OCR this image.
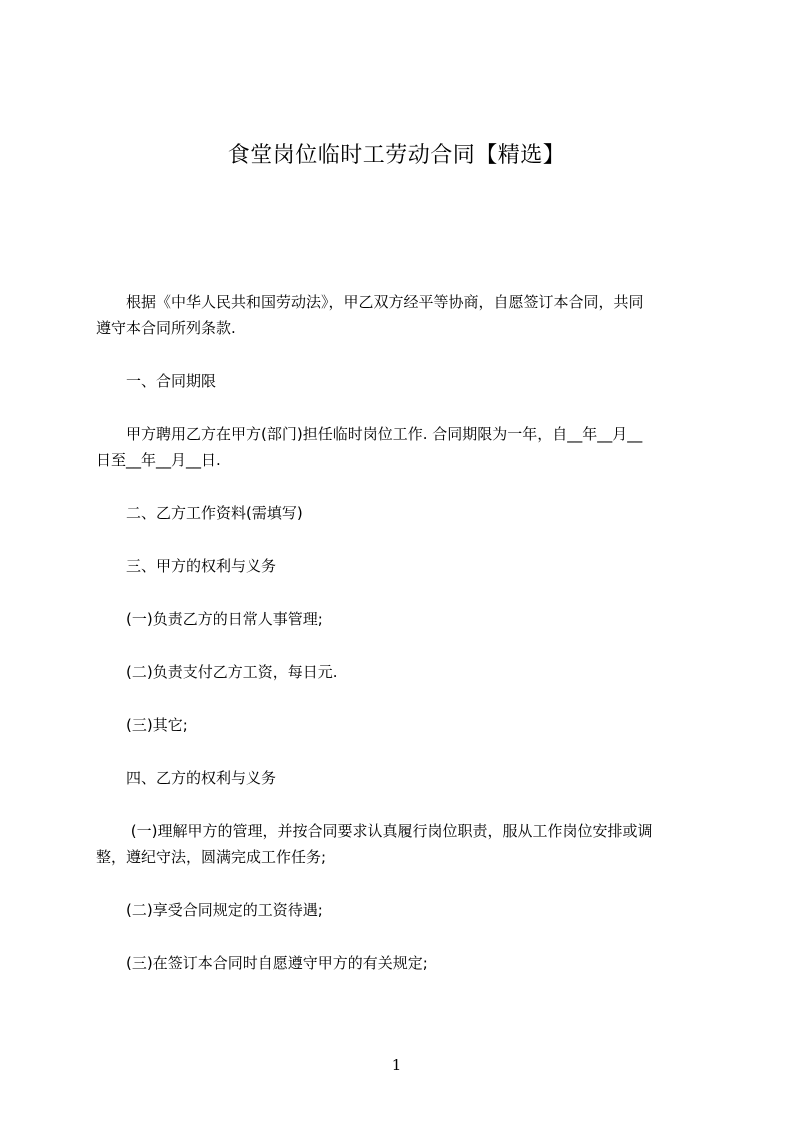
食堂岗位临时工劳动合同【精选】

　　根据《中华人民共和国劳动法》，甲乙双方经平等协商，自愿签订本合同，共同
遵守本合同所列条款.

　　一、合同期限

　　甲方聘用乙方在甲方(部门)担任临时岗位工作. 合同期限为一年，自__年__月__
日至__年__月__日.

　　二、乙方工作资料(需填写)

　　三、甲方的权利与义务

　　(一)负责乙方的日常人事管理;

　　(二)负责支付乙方工资，每日元.

　　(三)其它;

　　四、乙方的权利与义务

　　 (一)理解甲方的管理，并按合同要求认真履行岗位职责，服从工作岗位安排或调
整，遵纪守法，圆满完成工作任务;

　　(二)享受合同规定的工资待遇;

　　(三)在签订本合同时自愿遵守甲方的有关规定;

1
